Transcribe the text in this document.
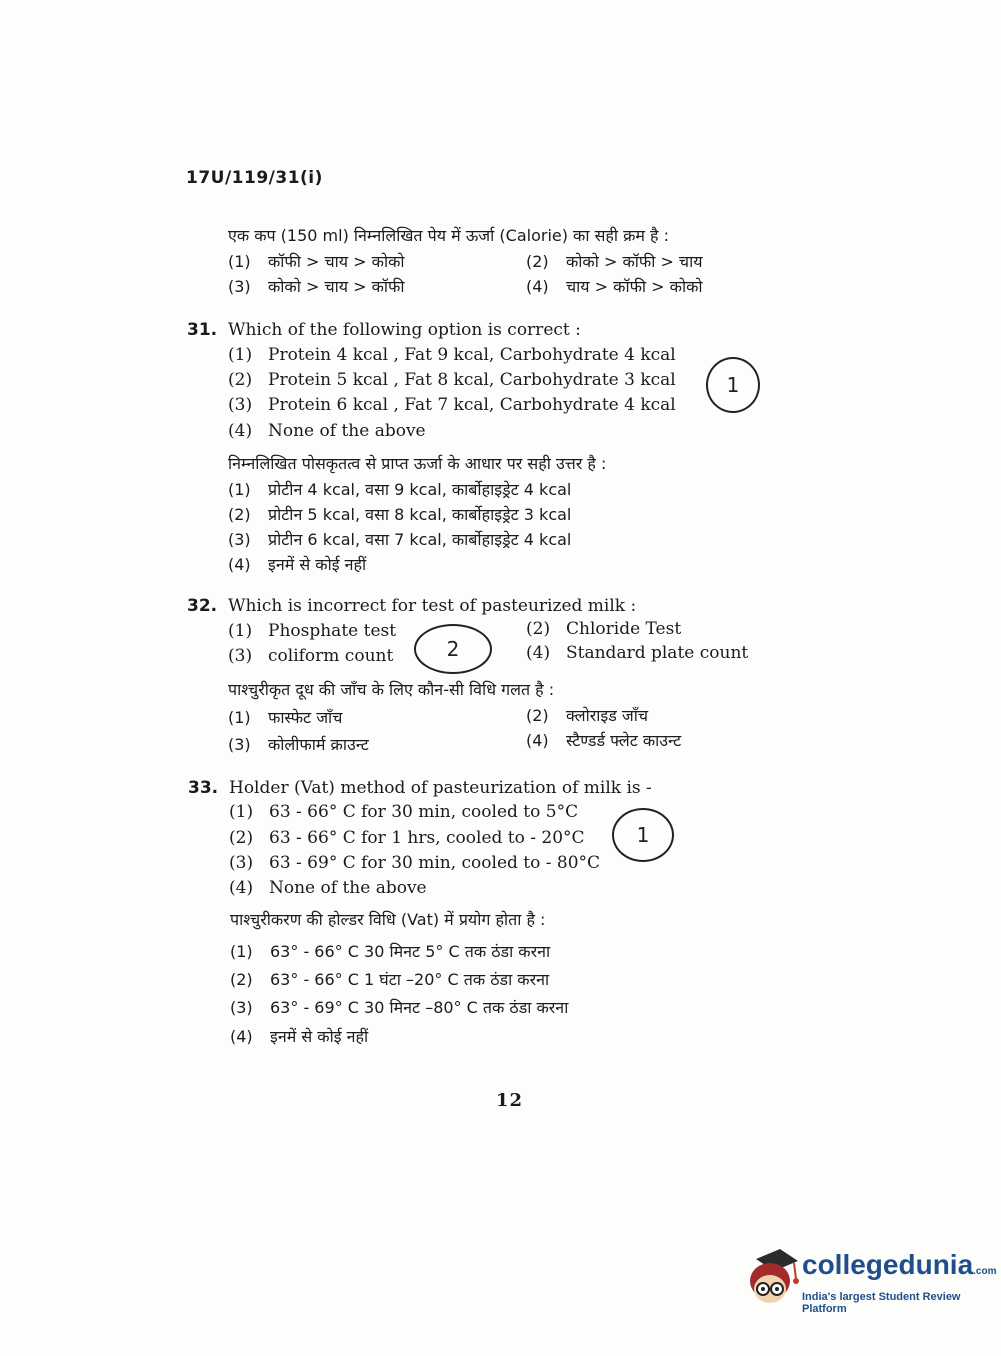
17U/119/31(i)
एक कप (150 ml) निम्नलिखित पेय में ऊर्जा (Calorie) का सही क्रम है :
(1) कॉफी > चाय > कोको	(2) कोको > कॉफी > चाय
(3) कोको > चाय > कॉफी	(4) चाय > कॉफी > कोको
31. Which of the following option is correct :
(1) Protein 4 kcal , Fat 9 kcal, Carbohydrate 4 kcal
(2) Protein 5 kcal , Fat 8 kcal, Carbohydrate 3 kcal
(3) Protein 6 kcal , Fat 7 kcal, Carbohydrate 4 kcal
(4) None of the above
1
निम्नलिखित पोसकृतत्व से प्राप्त ऊर्जा के आधार पर सही उत्तर है :
(1) प्रोटीन 4 kcal, वसा 9 kcal, कार्बोहाइड्रेट 4 kcal
(2) प्रोटीन 5 kcal, वसा 8 kcal, कार्बोहाइड्रेट 3 kcal
(3) प्रोटीन 6 kcal, वसा 7 kcal, कार्बोहाइड्रेट 4 kcal
(4) इनमें से कोई नहीं
32. Which is incorrect for test of pasteurized milk :
(1) Phosphate test	(2) Chloride Test
(3) coliform count	(4) Standard plate count
2
पाश्चुरीकृत दूध की जाँच के लिए कौन-सी विधि गलत है :
(1) फास्फेट जाँच	(2) क्लोराइड जाँच
(3) कोलीफार्म क्राउन्ट	(4) स्टैण्डर्ड फ्लेट काउन्ट
33. Holder (Vat) method of pasteurization of milk is -
(1) 63 - 66° C for 30 min, cooled to 5°C
(2) 63 - 66° C for 1 hrs, cooled to - 20°C
(3) 63 - 69° C for 30 min, cooled to - 80°C
(4) None of the above
1
पाश्चुरीकरण की होल्डर विधि (Vat) में प्रयोग होता है :
(1) 63° - 66° C 30 मिनट 5° C तक ठंडा करना
(2) 63° - 66° C 1 घंटा –20° C तक ठंडा करना
(3) 63° - 69° C 30 मिनट –80° C तक ठंडा करना
(4) इनमें से कोई नहीं
12
collegedunia.com
India's largest Student Review Platform
